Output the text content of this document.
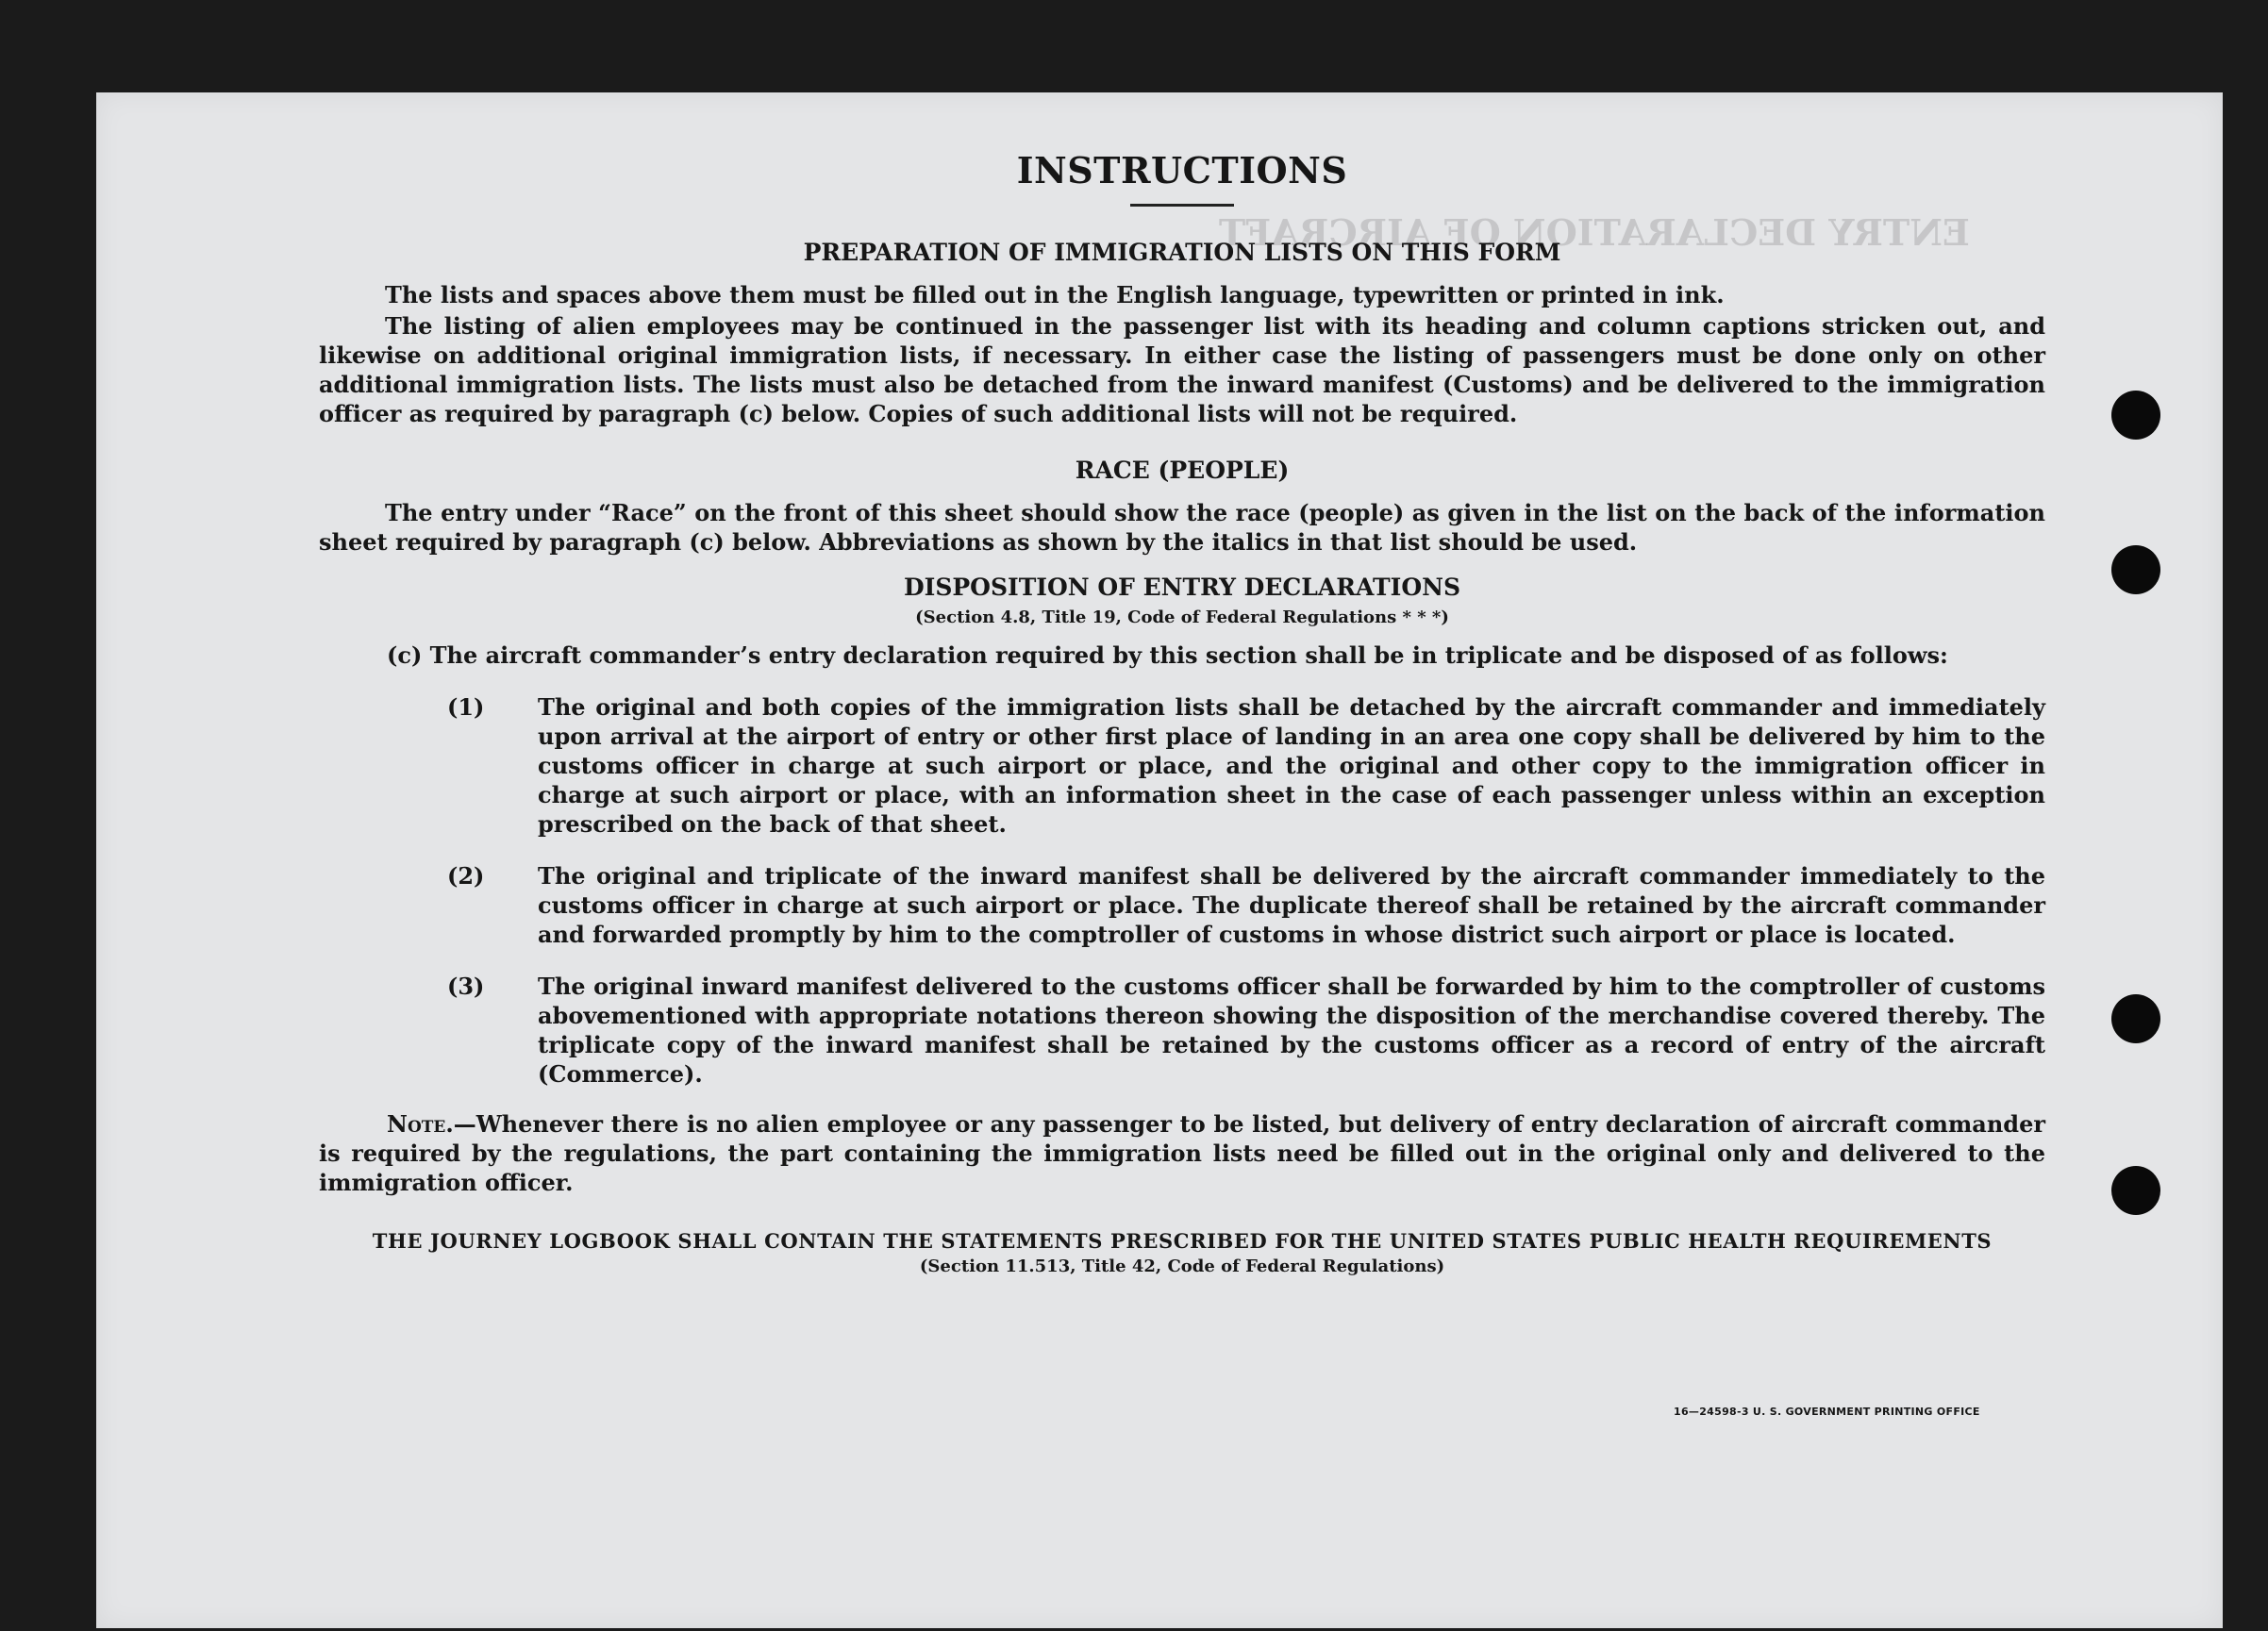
ENTRY DECLARATION OF AIRCRAFT
INSTRUCTIONS
PREPARATION OF IMMIGRATION LISTS ON THIS FORM

The lists and spaces above them must be filled out in the English language, typewritten or printed in ink.

The listing of alien employees may be continued in the passenger list with its heading and column captions stricken out, and likewise on additional original immigration lists, if necessary. In either case the listing of passengers must be done only on other additional immigration lists. The lists must also be detached from the inward manifest (Customs) and be delivered to the immigration officer as required by paragraph (c) below. Copies of such additional lists will not be required.

RACE (PEOPLE)

The entry under “Race” on the front of this sheet should show the race (people) as given in the list on the back of the information sheet required by paragraph (c) below. Abbreviations as shown by the italics in that list should be used.

DISPOSITION OF ENTRY DECLARATIONS
(Section 4.8, Title 19, Code of Federal Regulations * * *)

(c) The aircraft commander’s entry declaration required by this section shall be in triplicate and be disposed of as follows:

(1) The original and both copies of the immigration lists shall be detached by the aircraft commander and immediately upon arrival at the airport of entry or other first place of landing in an area one copy shall be delivered by him to the customs officer in charge at such airport or place, and the original and other copy to the immigration officer in charge at such airport or place, with an information sheet in the case of each passenger unless within an exception prescribed on the back of that sheet.

(2) The original and triplicate of the inward manifest shall be delivered by the aircraft commander immediately to the customs officer in charge at such airport or place. The duplicate thereof shall be retained by the aircraft commander and forwarded promptly by him to the comptroller of customs in whose district such airport or place is located.

(3) The original inward manifest delivered to the customs officer shall be forwarded by him to the comptroller of customs abovementioned with appropriate notations thereon showing the disposition of the merchandise covered thereby. The triplicate copy of the inward manifest shall be retained by the customs officer as a record of entry of the aircraft (Commerce).

Note.—Whenever there is no alien employee or any passenger to be listed, but delivery of entry declaration of aircraft commander is required by the regulations, the part containing the immigration lists need be filled out in the original only and delivered to the immigration officer.

THE JOURNEY LOGBOOK SHALL CONTAIN THE STATEMENTS PRESCRIBED FOR THE UNITED STATES PUBLIC HEALTH REQUIREMENTS
(Section 11.513, Title 42, Code of Federal Regulations)
16—24598-3 U. S. GOVERNMENT PRINTING OFFICE
